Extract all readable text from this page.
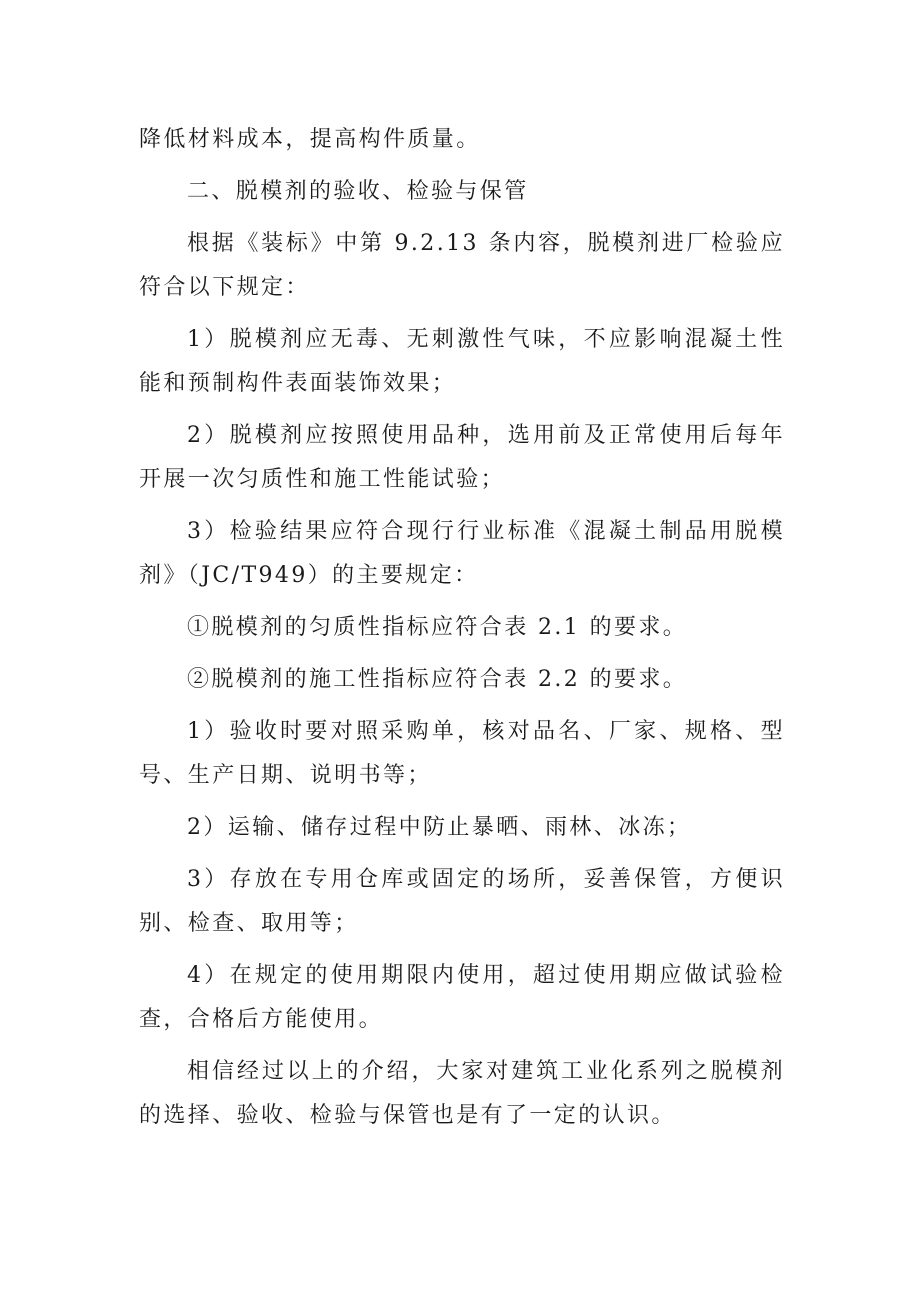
降低材料成本，提高构件质量。

二、脱模剂的验收、检验与保管

根据《装标》中第 9.2.13 条内容，脱模剂进厂检验应符合以下规定：

1）脱模剂应无毒、无刺激性气味，不应影响混凝土性能和预制构件表面装饰效果；

2）脱模剂应按照使用品种，选用前及正常使用后每年开展一次匀质性和施工性能试验；

3）检验结果应符合现行行业标准《混凝土制品用脱模剂》（JC/T949）的主要规定：

①脱模剂的匀质性指标应符合表 2.1 的要求。

②脱模剂的施工性指标应符合表 2.2 的要求。

1）验收时要对照采购单，核对品名、厂家、规格、型号、生产日期、说明书等；

2）运输、储存过程中防止暴晒、雨林、冰冻；

3）存放在专用仓库或固定的场所，妥善保管，方便识别、检查、取用等；

4）在规定的使用期限内使用，超过使用期应做试验检查，合格后方能使用。

相信经过以上的介绍，大家对建筑工业化系列之脱模剂的选择、验收、检验与保管也是有了一定的认识。
